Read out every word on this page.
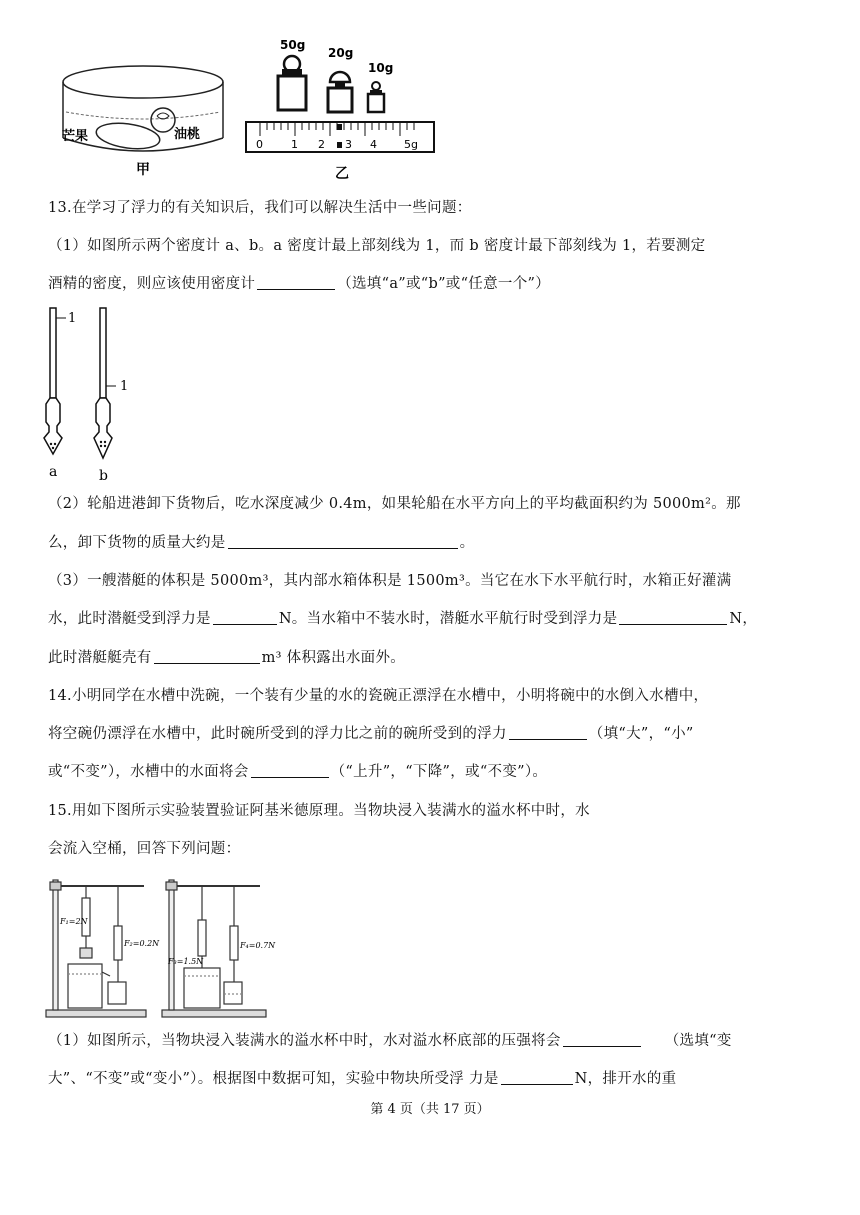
芒果	油桃
甲
50g
20g
10g
0	1 2 3 4 5g
乙
13.在学习了浮力的有关知识后，我们可以解决生活中一些问题：
（1）如图所示两个密度计 a、b。a 密度计最上部刻线为 1，而 b 密度计最下部刻线为 1，若要测定
酒精的密度，则应该使用密度计	（选填“a”或“b”或“任意一个”）
1
a
1
b
（2）轮船进港卸下货物后，吃水深度减少 0.4m，如果轮船在水平方向上的平均截面积约为 5000m²。那
么，卸下货物的质量大约是	。
（3）一艘潜艇的体积是 5000m³，其内部水箱体积是 1500m³。当它在水下水平航行时，水箱正好灌满
水，此时潜艇受到浮力是	N。当水箱中不装水时，潜艇水平航行时受到浮力是	N，
此时潜艇艇壳有	m³ 体积露出水面外。
14.小明同学在水槽中洗碗，一个装有少量的水的瓷碗正漂浮在水槽中，小明将碗中的水倒入水槽中，
将空碗仍漂浮在水槽中，此时碗所受到的浮力比之前的碗所受到的浮力	（填“大”，“小”
或“不变”），水槽中的水面将会	（“上升”，“下降”，或“不变”）。
15.用如下图所示实验装置验证阿基米德原理。当物块浸入装满水的溢水杯中时，水
会流入空桶，回答下列问题：
F₁=2N
F₂=0.2N
F₃=1.5N
F₄=0.7N
（1）如图所示，当物块浸入装满水的溢水杯中时，水对溢水杯底部的压强将会	（选填“变
大”、“不变”或“变小”）。根据图中数据可知，实验中物块所受浮 力是	N，排开水的重
第 4 页（共 17 页）
